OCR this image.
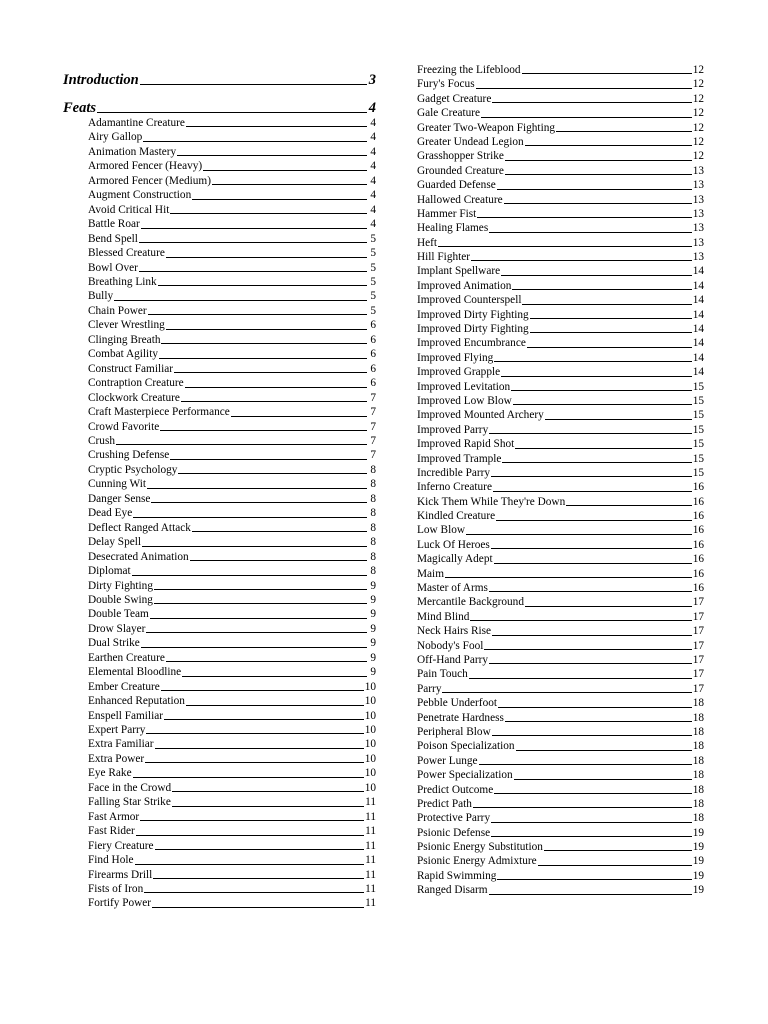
Introduction	3
Feats	4
Adamantine Creature	4
Airy Gallop	4
Animation Mastery	4
Armored Fencer (Heavy)	4
Armored Fencer (Medium)	4
Augment Construction	4
Avoid Critical Hit	4
Battle Roar	4
Bend Spell	5
Blessed Creature	5
Bowl Over	5
Breathing Link	5
Bully	5
Chain Power	5
Clever Wrestling	6
Clinging Breath	6
Combat Agility	6
Construct Familiar	6
Contraption Creature	6
Clockwork Creature	7
Craft Masterpiece Performance	7
Crowd Favorite	7
Crush	7
Crushing Defense	7
Cryptic Psychology	8
Cunning Wit	8
Danger Sense	8
Dead Eye	8
Deflect Ranged Attack	8
Delay Spell	8
Desecrated Animation	8
Diplomat	8
Dirty Fighting	9
Double Swing	9
Double Team	9
Drow Slayer	9
Dual Strike	9
Earthen Creature	9
Elemental Bloodline	9
Ember Creature	10
Enhanced Reputation	10
Enspell Familiar	10
Expert Parry	10
Extra Familiar	10
Extra Power	10
Eye Rake	10
Face in the Crowd	10
Falling Star Strike	11
Fast Armor	11
Fast Rider	11
Fiery Creature	11
Find Hole	11
Firearms Drill	11
Fists of Iron	11
Fortify Power	11
Freezing the Lifeblood	12
Fury's Focus	12
Gadget Creature	12
Gale Creature	12
Greater Two-Weapon Fighting	12
Greater Undead Legion	12
Grasshopper Strike	12
Grounded Creature	13
Guarded Defense	13
Hallowed Creature	13
Hammer Fist	13
Healing Flames	13
Heft	13
Hill Fighter	13
Implant Spellware	14
Improved Animation	14
Improved Counterspell	14
Improved Dirty Fighting	14
Improved Dirty Fighting	14
Improved Encumbrance	14
Improved Flying	14
Improved Grapple	14
Improved Levitation	15
Improved Low Blow	15
Improved Mounted Archery	15
Improved Parry	15
Improved Rapid Shot	15
Improved Trample	15
Incredible Parry	15
Inferno Creature	16
Kick Them While They're Down	16
Kindled Creature	16
Low Blow	16
Luck Of Heroes	16
Magically Adept	16
Maim	16
Master of Arms	16
Mercantile Background	17
Mind Blind	17
Neck Hairs Rise	17
Nobody's Fool	17
Off-Hand Parry	17
Pain Touch	17
Parry	17
Pebble Underfoot	18
Penetrate Hardness	18
Peripheral Blow	18
Poison Specialization	18
Power Lunge	18
Power Specialization	18
Predict Outcome	18
Predict Path	18
Protective Parry	18
Psionic Defense	19
Psionic Energy Substitution	19
Psionic Energy Admixture	19
Rapid Swimming	19
Ranged Disarm	19
